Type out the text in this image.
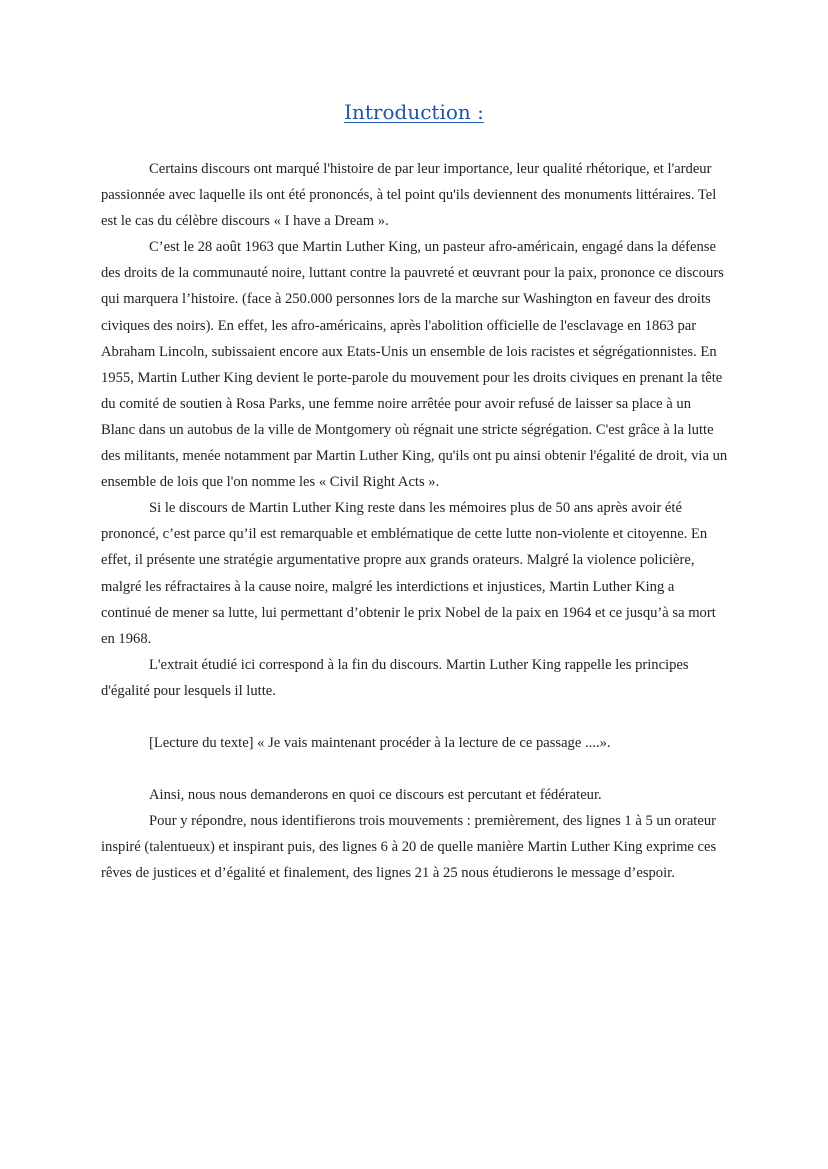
Introduction :

Certains discours ont marqué l'histoire de par leur importance, leur qualité rhétorique, et l'ardeur passionnée avec laquelle ils ont été prononcés, à tel point qu'ils deviennent des monuments littéraires. Tel est le cas du célèbre discours « I have a Dream ».

C’est le 28 août 1963 que Martin Luther King, un pasteur afro-américain, engagé dans la défense des droits de la communauté noire, luttant contre la pauvreté et œuvrant pour la paix, prononce ce discours qui marquera l’histoire. (face à 250.000 personnes lors de la marche sur Washington en faveur des droits civiques des noirs). En effet, les afro-américains, après l'abolition officielle de l'esclavage en 1863 par Abraham Lincoln, subissaient encore aux Etats-Unis un ensemble de lois racistes et ségrégationnistes. En 1955, Martin Luther King devient le porte-parole du mouvement pour les droits civiques en prenant la tête du comité de soutien à Rosa Parks, une femme noire arrêtée pour avoir refusé de laisser sa place à un Blanc dans un autobus de la ville de Montgomery où régnait une stricte ségrégation. C'est grâce à la lutte des militants, menée notamment par Martin Luther King, qu'ils ont pu ainsi obtenir l'égalité de droit, via un ensemble de lois que l'on nomme les « Civil Right Acts ».

Si le discours de Martin Luther King reste dans les mémoires plus de 50 ans après avoir été prononcé, c’est parce qu’il est remarquable et emblématique de cette lutte non-violente et citoyenne. En effet, il présente une stratégie argumentative propre aux grands orateurs. Malgré la violence policière, malgré les réfractaires à la cause noire, malgré les interdictions et injustices, Martin Luther King a continué de mener sa lutte, lui permettant d’obtenir le prix Nobel de la paix en 1964 et ce jusqu’à sa mort en 1968.

L'extrait étudié ici correspond à la fin du discours. Martin Luther King rappelle les principes d'égalité pour lesquels il lutte.

[Lecture du texte] « Je vais maintenant procéder à la lecture de ce passage ....».

Ainsi, nous nous demanderons en quoi ce discours est percutant et fédérateur.

Pour y répondre, nous identifierons trois mouvements : premièrement, des lignes 1 à 5 un orateur inspiré (talentueux) et inspirant puis, des lignes 6 à 20 de quelle manière Martin Luther King exprime ces rêves de justices et d’égalité et finalement, des lignes 21 à 25 nous étudierons le message d’espoir.
